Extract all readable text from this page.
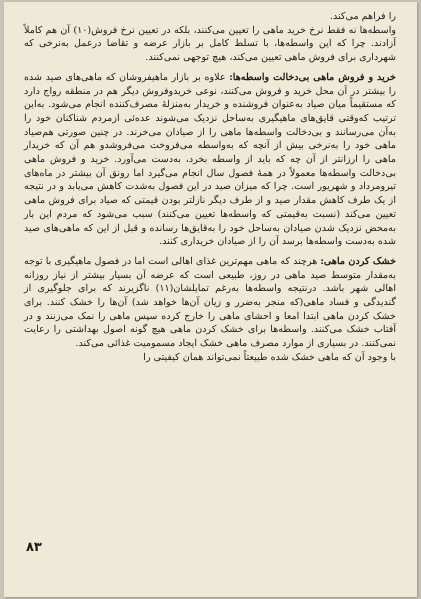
را فراهم می‌کند.

واسطه‌ها نه فقط نرخ خرید ماهی را تعیین می‌کنند، بلکه در تعیین نرخ فروش(۱۰) آن هم کاملاً آزادند. چرا که این واسطه‌ها، با تسلط کامل بر بازار عرضه و تقاضا درعمل به‌نرخی که شهرداری برای فروش ماهی تعیین می‌کند، هیچ توجهی نمی‌کنند.

خرید و فروش ماهی بی‌دخالت واسطه‌ها: علاوه بر بازار ماهیفروشان که ماهی‌های صید شده را بیشتر در آن محل خرید و فروش می‌کنند، نوعی خریدوفروش دیگر هم در منطقه رواج دارد که مستقیماً میان صیاد به‌عنوان فروشنده و خریدار به‌منزلهٔ مصرف‌کننده انجام می‌شود. به‌این ترتیب که‌وقتی قایق‌های ماهیگیری به‌ساحل نزدیک می‌شوند عده‌ئی ازمردم شناکنان خود را به‌آن می‌رسانند و بی‌دخالت واسطه‌ها ماهی را از صیادان می‌خرند. در چنین صورتی هم‌صیاد ماهی خود را به‌نرخی بیش از آنچه که به‌واسطه می‌فروخت می‌فروشدو هم آن که خریدار ماهی را ارزانتر از آن چه که باید از واسطه بخرد، به‌دست می‌آورد. خرید و فروش ماهی بی‌دخالت واسطه‌ها معمولاً در همهٔ فصول سال انجام می‌گیرد اما رونق آن بیشتر در ماه‌های تیرومرداد و شهریور است. چرا که میزان صید در این فصول به‌شدت کاهش می‌یابد و در نتیجه از یک طرف کاهش مقدار صید و از طرف دیگر نازلتر بودن قیمتی که صیاد برای فروش ماهی تعیین می‌کند (نسبت به‌قیمتی که واسطه‌ها تعیین می‌کنند) سبب می‌شود که مردم این بار به‌محض نزدیک شدن صیادان به‌ساحل خود را به‌قایق‌ها رسانده و قبل از این که ماهی‌های صید شده به‌دست واسطه‌ها برسد آن را از صیادان خریداری کنند.

خشک کردن ماهی: هرچند که ماهی مهم‌ترین غذای اهالی است اما در فصول ماهیگیری با توجه به‌مقدار متوسط صید ماهی در روز، طبیعی است که عرضه آن بسیار بیشتر از نیاز روزانه اهالی شهر باشد. درنتیجه واسطه‌ها به‌رغم تمایلشان(۱۱) ناگزیرند که برای جلوگیری از گندیدگی و فساد ماهی(که منجر به‌ضرر و زیان آن‌ها خواهد شد) آن‌ها را خشک کنند. برای خشک کردن ماهی ابتدا امعا و احشای ماهی را خارج کرده سپس ماهی را نمک می‌زنند و در آفتاب خشک می‌کنند. واسطه‌ها برای خشک کردن ماهی هیچ گونه اصول بهداشتی را رعایت نمی‌کنند. در بسیاری از موارد مصرف ماهی خشک ایجاد مسمومیت غذائی می‌کند.

با وجود آن که ماهی خشک شده طبیعتاً نمی‌تواند همان کیفیتی را

۸۳
